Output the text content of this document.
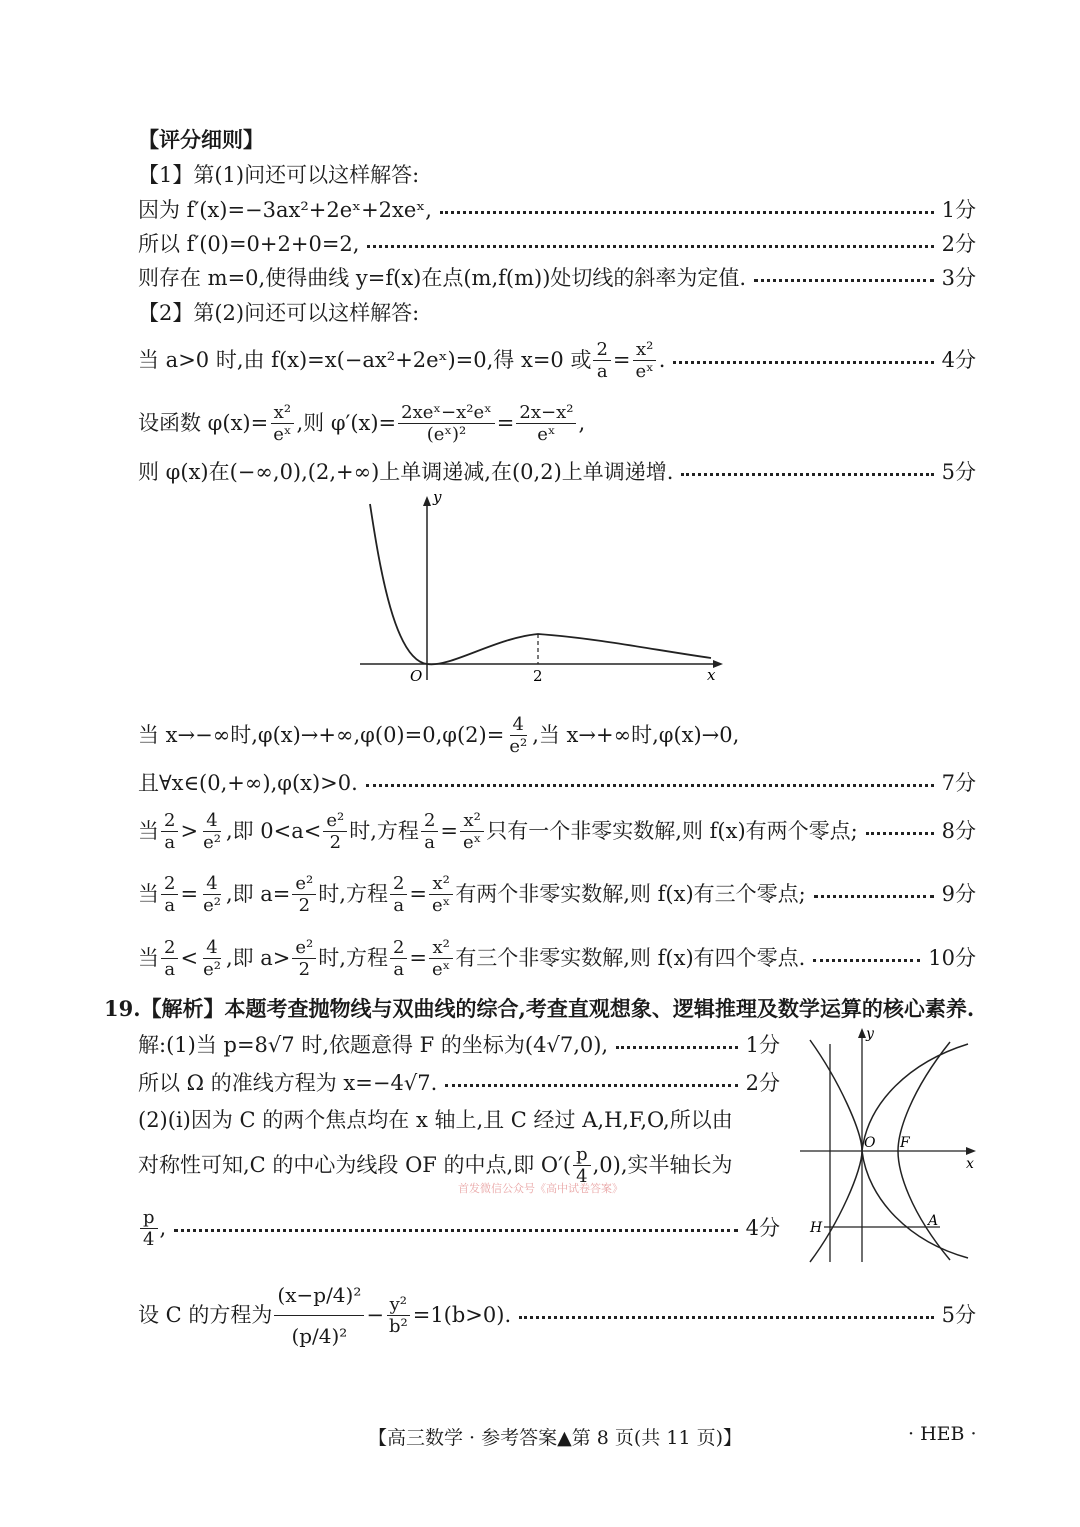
【评分细则】
【1】第(1)问还可以这样解答:
因为 f′(x)=−3ax²+2eˣ+2xeˣ,	1分
所以 f′(0)=0+2+0=2,	2分
则存在 m=0,使得曲线 y=f(x)在点(m,f(m))处切线的斜率为定值.	3分
【2】第(2)问还可以这样解答:
当 a>0 时,由 f(x)=x(−ax²+2eˣ)=0,得 x=0 或 $\frac{2}{a} = \frac{\text{x²}}{\text{eˣ}}$ .	4分
设函数 $\varphi(x)= \frac{\text{x²}}{\text{eˣ}}$ ,则 $\varphi'(x)= \frac{\text{2xeˣ−x²eˣ}}{\text{(eˣ)²}} = \frac{\text{2x−x²}}{\text{eˣ}}$ ,
则 φ(x)在(−∞,0),(2,+∞)上单调递减,在(0,2)上单调递增.	5分
y
x
O	2
当 x→−∞时$,\varphi(x)\to+\infty,\varphi(0)=0,\varphi(2)= \frac{4}{\text{e²}}$ ,当 x→+∞时,φ(x)→0,
且∀x∈(0,+∞),φ(x)>0.	7分
当 $\frac{2}{a} > \frac{4}{\text{e²}}$ ,即 $0<a< \frac{\text{e²}}{2}$ 时,方程 $\frac{2}{a} = \frac{\text{x²}}{\text{eˣ}}$ 只有一个非零实数解,则 f(x)有两个零点;	8分
当 $\frac{2}{a} = \frac{4}{\text{e²}}$ ,即 $a= \frac{\text{e²}}{2}$ 时,方程 $\frac{2}{a} = \frac{\text{x²}}{\text{eˣ}}$ 有两个非零实数解,则 f(x)有三个零点;	9分
当 $\frac{2}{a} < \frac{4}{\text{e²}}$ ,即 $a> \frac{\text{e²}}{2}$ 时,方程 $\frac{2}{a} = \frac{\text{x²}}{\text{eˣ}}$ 有三个非零实数解,则 f(x)有四个零点.	10分
19. 【解析】本题考查抛物线与双曲线的综合,考查直观想象、逻辑推理及数学运算的核心素养.
解:(1)当 p=8√7 时,依题意得 F 的坐标为(4√7,0),	1分
所以 Ω 的准线方程为 x=−4√7.	2分
(2)(ⅰ)因为 C 的两个焦点均在 x 轴上,且 C 经过 A,H,F,O,所以由
对称性可知,C 的中心为线段 OF 的中点,即 $O'( \frac{p}{4} ,0)$,实半轴长为
$\frac{p}{4}$ ,	4分
首发微信公众号《高中试卷答案》
y
x
O F
H	A
设 C 的方程为 $\frac{\text{(x−p/4)²}}{\text{(p/4)²}} - \frac{\text{y²}}{\text{b²}} =1(b>0)$.	5分
【高三数学 · 参考答案▲第 8 页(共 11 页)】	· HEB ·
